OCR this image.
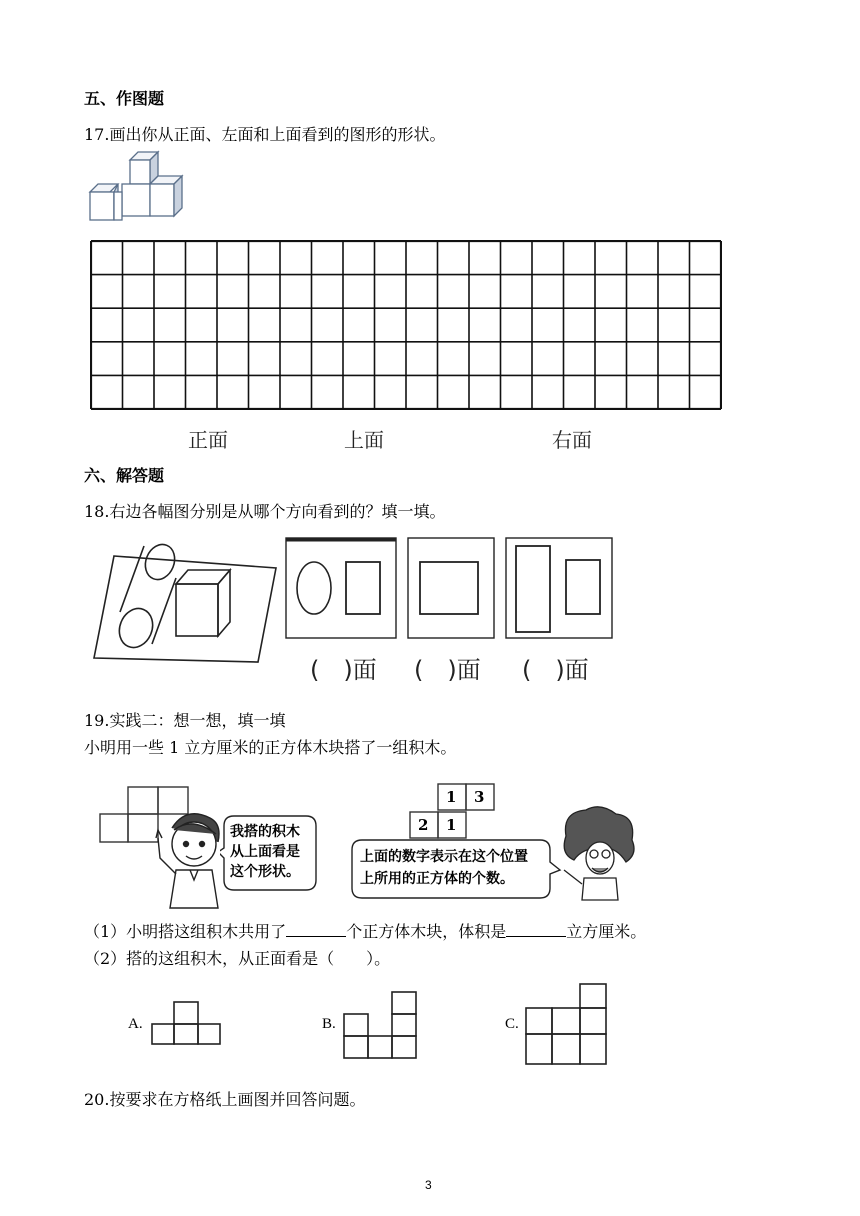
五、作图题
17.画出你从正面、左面和上面看到的图形的形状。
正面	上面	右面
六、解答题
18.右边各幅图分别是从哪个方向看到的？填一填。
(　)面 (　)面 (　)面
19.实践二：想一想，填一填
小明用一些 1 立方厘米的正方体木块搭了一组积木。
我搭的积木
从上面看是
这个形状。
1 3
2 1
上面的数字表示在这个位置
上所用的正方体的个数。
（1）小明搭这组积木共用了	个正方体木块，体积是	立方厘米。
（2）搭的这组积木，从正面看是（　　）。
A.	B.	C.
20.按要求在方格纸上画图并回答问题。
3
